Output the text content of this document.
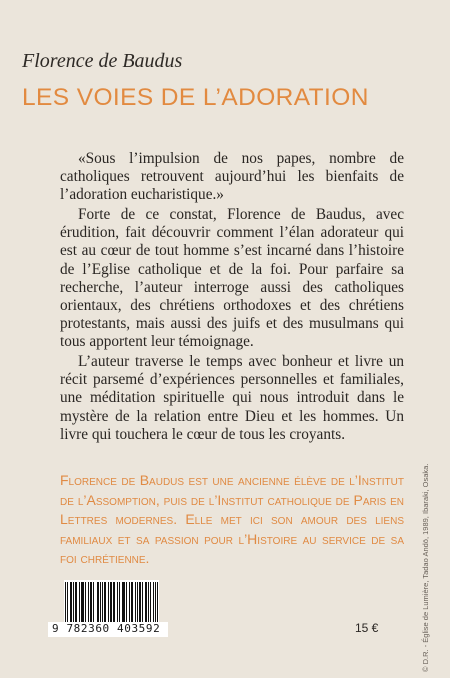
Florence de Baudus
LES VOIES DE L’ADORATION

«Sous l’impulsion de nos papes, nombre de catholiques retrouvent aujourd’hui les bienfaits de l’adoration eucharistique.»

Forte de ce constat, Florence de Baudus, avec érudition, fait découvrir comment l’élan adorateur qui est au cœur de tout homme s’est incarné dans l’histoire de l’Eglise catholique et de la foi. Pour parfaire sa recherche, l’auteur interroge aussi des catholiques orientaux, des chrétiens orthodoxes et des chrétiens protestants, mais aussi des juifs et des musulmans qui tous apportent leur témoignage.

L’auteur traverse le temps avec bonheur et livre un récit parsemé d’expériences personnelles et familiales, une méditation spirituelle qui nous introduit dans le mystère de la relation entre Dieu et les hommes. Un livre qui touchera le cœur de tous les croyants.

Florence de Baudus est une ancienne élève de l’Institut de l’Assomption, puis de l’Institut catholique de Paris en Lettres modernes. Elle met ici son amour des liens familiaux et sa passion pour l’Histoire au service de sa foi chrétienne.

9 782360 403592	15 €	© D.R. - Église de Lumière, Tadao Andō, 1989, Ibaraki, Osaka.
